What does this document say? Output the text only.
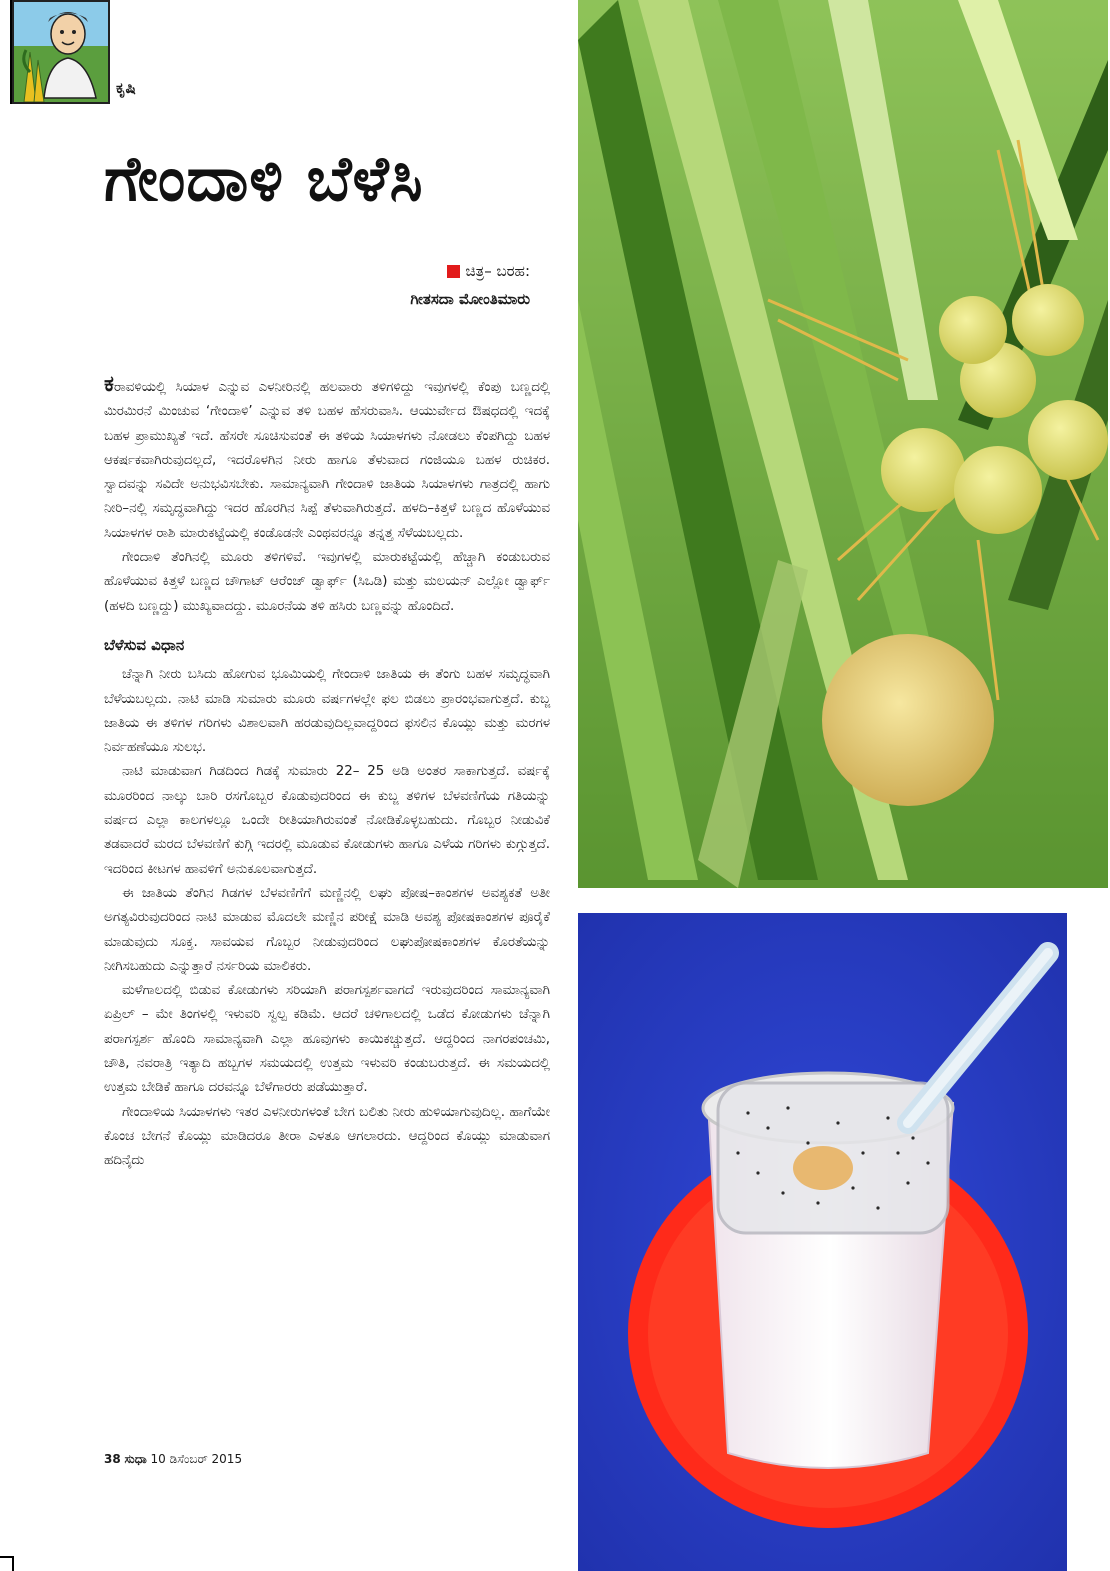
ಕೃಷಿ
ಗೇಂದಾಳಿ ಬೆಳೆಸಿ
ಚಿತ್ರ– ಬರಹ:
ಗೀತಸದಾ ಮೋಂತಿಮಾರು

ಕರಾವಳಿಯಲ್ಲಿ ಸಿಯಾಳ ಎನ್ನುವ ಎಳನೀರಿನಲ್ಲಿ ಹಲವಾರು ತಳಿಗಳಿದ್ದು ಇವುಗಳಲ್ಲಿ ಕೆಂಪು ಬಣ್ಣದಲ್ಲಿ ಮಿರಮಿರನೆ ಮಿಂಚುವ ‘ಗೇಂದಾಳಿ’ ಎನ್ನುವ ತಳಿ ಬಹಳ ಹೆಸರುವಾಸಿ. ಆಯುರ್ವೇದ ಔಷಧದಲ್ಲಿ ಇದಕ್ಕೆ ಬಹಳ ಪ್ರಾಮುಖ್ಯತೆ ಇದೆ. ಹೆಸರೇ ಸೂಚಿಸುವಂತೆ ಈ ತಳಿಯ ಸಿಯಾಳಗಳು ನೋಡಲು ಕೆಂಪಗಿದ್ದು ಬಹಳ ಆಕರ್ಷಕವಾಗಿರುವುದಲ್ಲದೆ, ಇದರೊಳಗಿನ ನೀರು ಹಾಗೂ ತೆಳುವಾದ ಗಂಜಿಯೂ ಬಹಳ ರುಚಿಕರ. ಸ್ವಾದವನ್ನು ಸವಿದೇ ಅನುಭವಿಸಬೇಕು. ಸಾಮಾನ್ಯವಾಗಿ ಗೇಂದಾಳಿ ಜಾತಿಯ ಸಿಯಾಳಗಳು ಗಾತ್ರದಲ್ಲಿ ಹಾಗು ನೀರಿ–ನಲ್ಲಿ ಸಮೃದ್ಧವಾಗಿದ್ದು ಇದರ ಹೊರಗಿನ ಸಿಪ್ಪೆ ತೆಳುವಾಗಿರುತ್ತದೆ. ಹಳದಿ–ಕಿತ್ತಳೆ ಬಣ್ಣದ ಹೊಳೆಯುವ ಸಿಯಾಳಗಳ ರಾಶಿ ಮಾರುಕಟ್ಟೆಯಲ್ಲಿ ಕಂಡೊಡನೇ ಎಂಥವರನ್ನೂ ತನ್ನತ್ತ ಸೆಳೆಯಬಲ್ಲದು.

ಗೇಂದಾಳಿ ತೆಂಗಿನಲ್ಲಿ ಮೂರು ತಳಿಗಳಿವೆ. ಇವುಗಳಲ್ಲಿ ಮಾರುಕಟ್ಟೆಯಲ್ಲಿ ಹೆಚ್ಚಾಗಿ ಕಂಡುಬರುವ ಹೊಳೆಯುವ ಕಿತ್ತಳೆ ಬಣ್ಣದ ಚೌಗಾಟ್ ಆರೆಂಜ್ ಡ್ವಾರ್ಫ್ (ಸಿಒಡಿ) ಮತ್ತು ಮಲಯನ್ ಎಲ್ಲೋ ಡ್ವಾರ್ಫ್ (ಹಳದಿ ಬಣ್ಣದ್ದು) ಮುಖ್ಯವಾದದ್ದು. ಮೂರನೆಯ ತಳಿ ಹಸಿರು ಬಣ್ಣವನ್ನು ಹೊಂದಿದೆ.

ಬೆಳೆಸುವ ವಿಧಾನ

ಚೆನ್ನಾಗಿ ನೀರು ಬಸಿದು ಹೋಗುವ ಭೂಮಿಯಲ್ಲಿ ಗೇಂದಾಳಿ ಜಾತಿಯ ಈ ತೆಂಗು ಬಹಳ ಸಮೃದ್ಧವಾಗಿ ಬೆಳೆಯಬಲ್ಲದು. ನಾಟಿ ಮಾಡಿ ಸುಮಾರು ಮೂರು ವರ್ಷಗಳಲ್ಲೇ ಫಲ ಬಿಡಲು ಪ್ರಾರಂಭವಾಗುತ್ತದೆ. ಕುಬ್ಜ ಜಾತಿಯ ಈ ತಳಿಗಳ ಗರಿಗಳು ವಿಶಾಲವಾಗಿ ಹರಡುವುದಿಲ್ಲವಾದ್ದರಿಂದ ಫಸಲಿನ ಕೊಯ್ಲು ಮತ್ತು ಮರಗಳ ನಿರ್ವಹಣೆಯೂ ಸುಲಭ.

ನಾಟಿ ಮಾಡುವಾಗ ಗಿಡದಿಂದ ಗಿಡಕ್ಕೆ ಸುಮಾರು 22– 25 ಅಡಿ ಅಂತರ ಸಾಕಾಗುತ್ತದೆ. ವರ್ಷಕ್ಕೆ ಮೂರರಿಂದ ನಾಲ್ಕು ಬಾರಿ ರಸಗೊಬ್ಬರ ಕೊಡುವುದರಿಂದ ಈ ಕುಬ್ಜ ತಳಿಗಳ ಬೆಳವಣಿಗೆಯ ಗತಿಯನ್ನು ವರ್ಷದ ಎಲ್ಲಾ ಕಾಲಗಳಲ್ಲೂ ಒಂದೇ ರೀತಿಯಾಗಿರುವಂತೆ ನೋಡಿಕೊಳ್ಳಬಹುದು. ಗೊಬ್ಬರ ನೀಡುವಿಕೆ ತಡವಾದರೆ ಮರದ ಬೆಳವಣಿಗೆ ಕುಗ್ಗಿ ಇದರಲ್ಲಿ ಮೂಡುವ ಕೋಡುಗಳು ಹಾಗೂ ಎಳೆಯ ಗರಿಗಳು ಕುಗ್ಗುತ್ತದೆ. ಇದರಿಂದ ಕೀಟಗಳ ಹಾವಳಿಗೆ ಅನುಕೂಲವಾಗುತ್ತದೆ.

ಈ ಜಾತಿಯ ತೆಂಗಿನ ಗಿಡಗಳ ಬೆಳವಣಿಗೆಗೆ ಮಣ್ಣಿನಲ್ಲಿ ಲಘು ಪೋಷ–ಕಾಂಶಗಳ ಅವಶ್ಯಕತೆ ಅತೀ ಅಗತ್ಯವಿರುವುದರಿಂದ ನಾಟಿ ಮಾಡುವ ಮೊದಲೇ ಮಣ್ಣಿನ ಪರೀಕ್ಷೆ ಮಾಡಿ ಅವಶ್ಯ ಪೋಷಕಾಂಶಗಳ ಪೂರೈಕೆ ಮಾಡುವುದು ಸೂಕ್ತ. ಸಾವಯವ ಗೊಬ್ಬರ ನೀಡುವುದರಿಂದ ಲಘುಪೋಷಕಾಂಶಗಳ ಕೊರತೆಯನ್ನು ನೀಗಿಸಬಹುದು ಎನ್ನುತ್ತಾರೆ ನರ್ಸರಿಯ ಮಾಲಿಕರು.

ಮಳೆಗಾಲದಲ್ಲಿ ಬಿಡುವ ಕೋಡುಗಳು ಸರಿಯಾಗಿ ಪರಾಗಸ್ಪರ್ಶವಾಗದೆ ಇರುವುದರಿಂದ ಸಾಮಾನ್ಯವಾಗಿ ಏಪ್ರಿಲ್ – ಮೇ ತಿಂಗಳಲ್ಲಿ ಇಳುವರಿ ಸ್ವಲ್ಪ ಕಡಿಮೆ. ಆದರೆ ಚಳಿಗಾಲದಲ್ಲಿ ಒಡೆದ ಕೋಡುಗಳು ಚೆನ್ನಾಗಿ ಪರಾಗಸ್ಪರ್ಶ ಹೊಂದಿ ಸಾಮಾನ್ಯವಾಗಿ ಎಲ್ಲಾ ಹೂವುಗಳು ಕಾಯಿಕಚ್ಚುತ್ತದೆ. ಆದ್ದರಿಂದ ನಾಗರಪಂಚಮಿ, ಚೌತಿ, ನವರಾತ್ರಿ ಇತ್ಯಾದಿ ಹಬ್ಬಗಳ ಸಮಯದಲ್ಲಿ ಉತ್ತಮ ಇಳುವರಿ ಕಂಡುಬರುತ್ತದೆ. ಈ ಸಮಯದಲ್ಲಿ ಉತ್ತಮ ಬೇಡಿಕೆ ಹಾಗೂ ದರವನ್ನೂ ಬೆಳೆಗಾರರು ಪಡೆಯುತ್ತಾರೆ.

ಗೇಂದಾಳಿಯ ಸಿಯಾಳಗಳು ಇತರ ಎಳನೀರುಗಳಂತೆ ಬೇಗ ಬಲಿತು ನೀರು ಹುಳಿಯಾಗುವುದಿಲ್ಲ. ಹಾಗೆಯೇ ಕೊಂಚ ಬೇಗನೆ ಕೊಯ್ಲು ಮಾಡಿದರೂ ತೀರಾ ಎಳತೂ ಆಗಲಾರದು. ಆದ್ದರಿಂದ ಕೊಯ್ಲು ಮಾಡುವಾಗ ಹದಿನೈದು

38 ಸುಧಾ 10 ಡಿಸೆಂಬರ್ 2015
